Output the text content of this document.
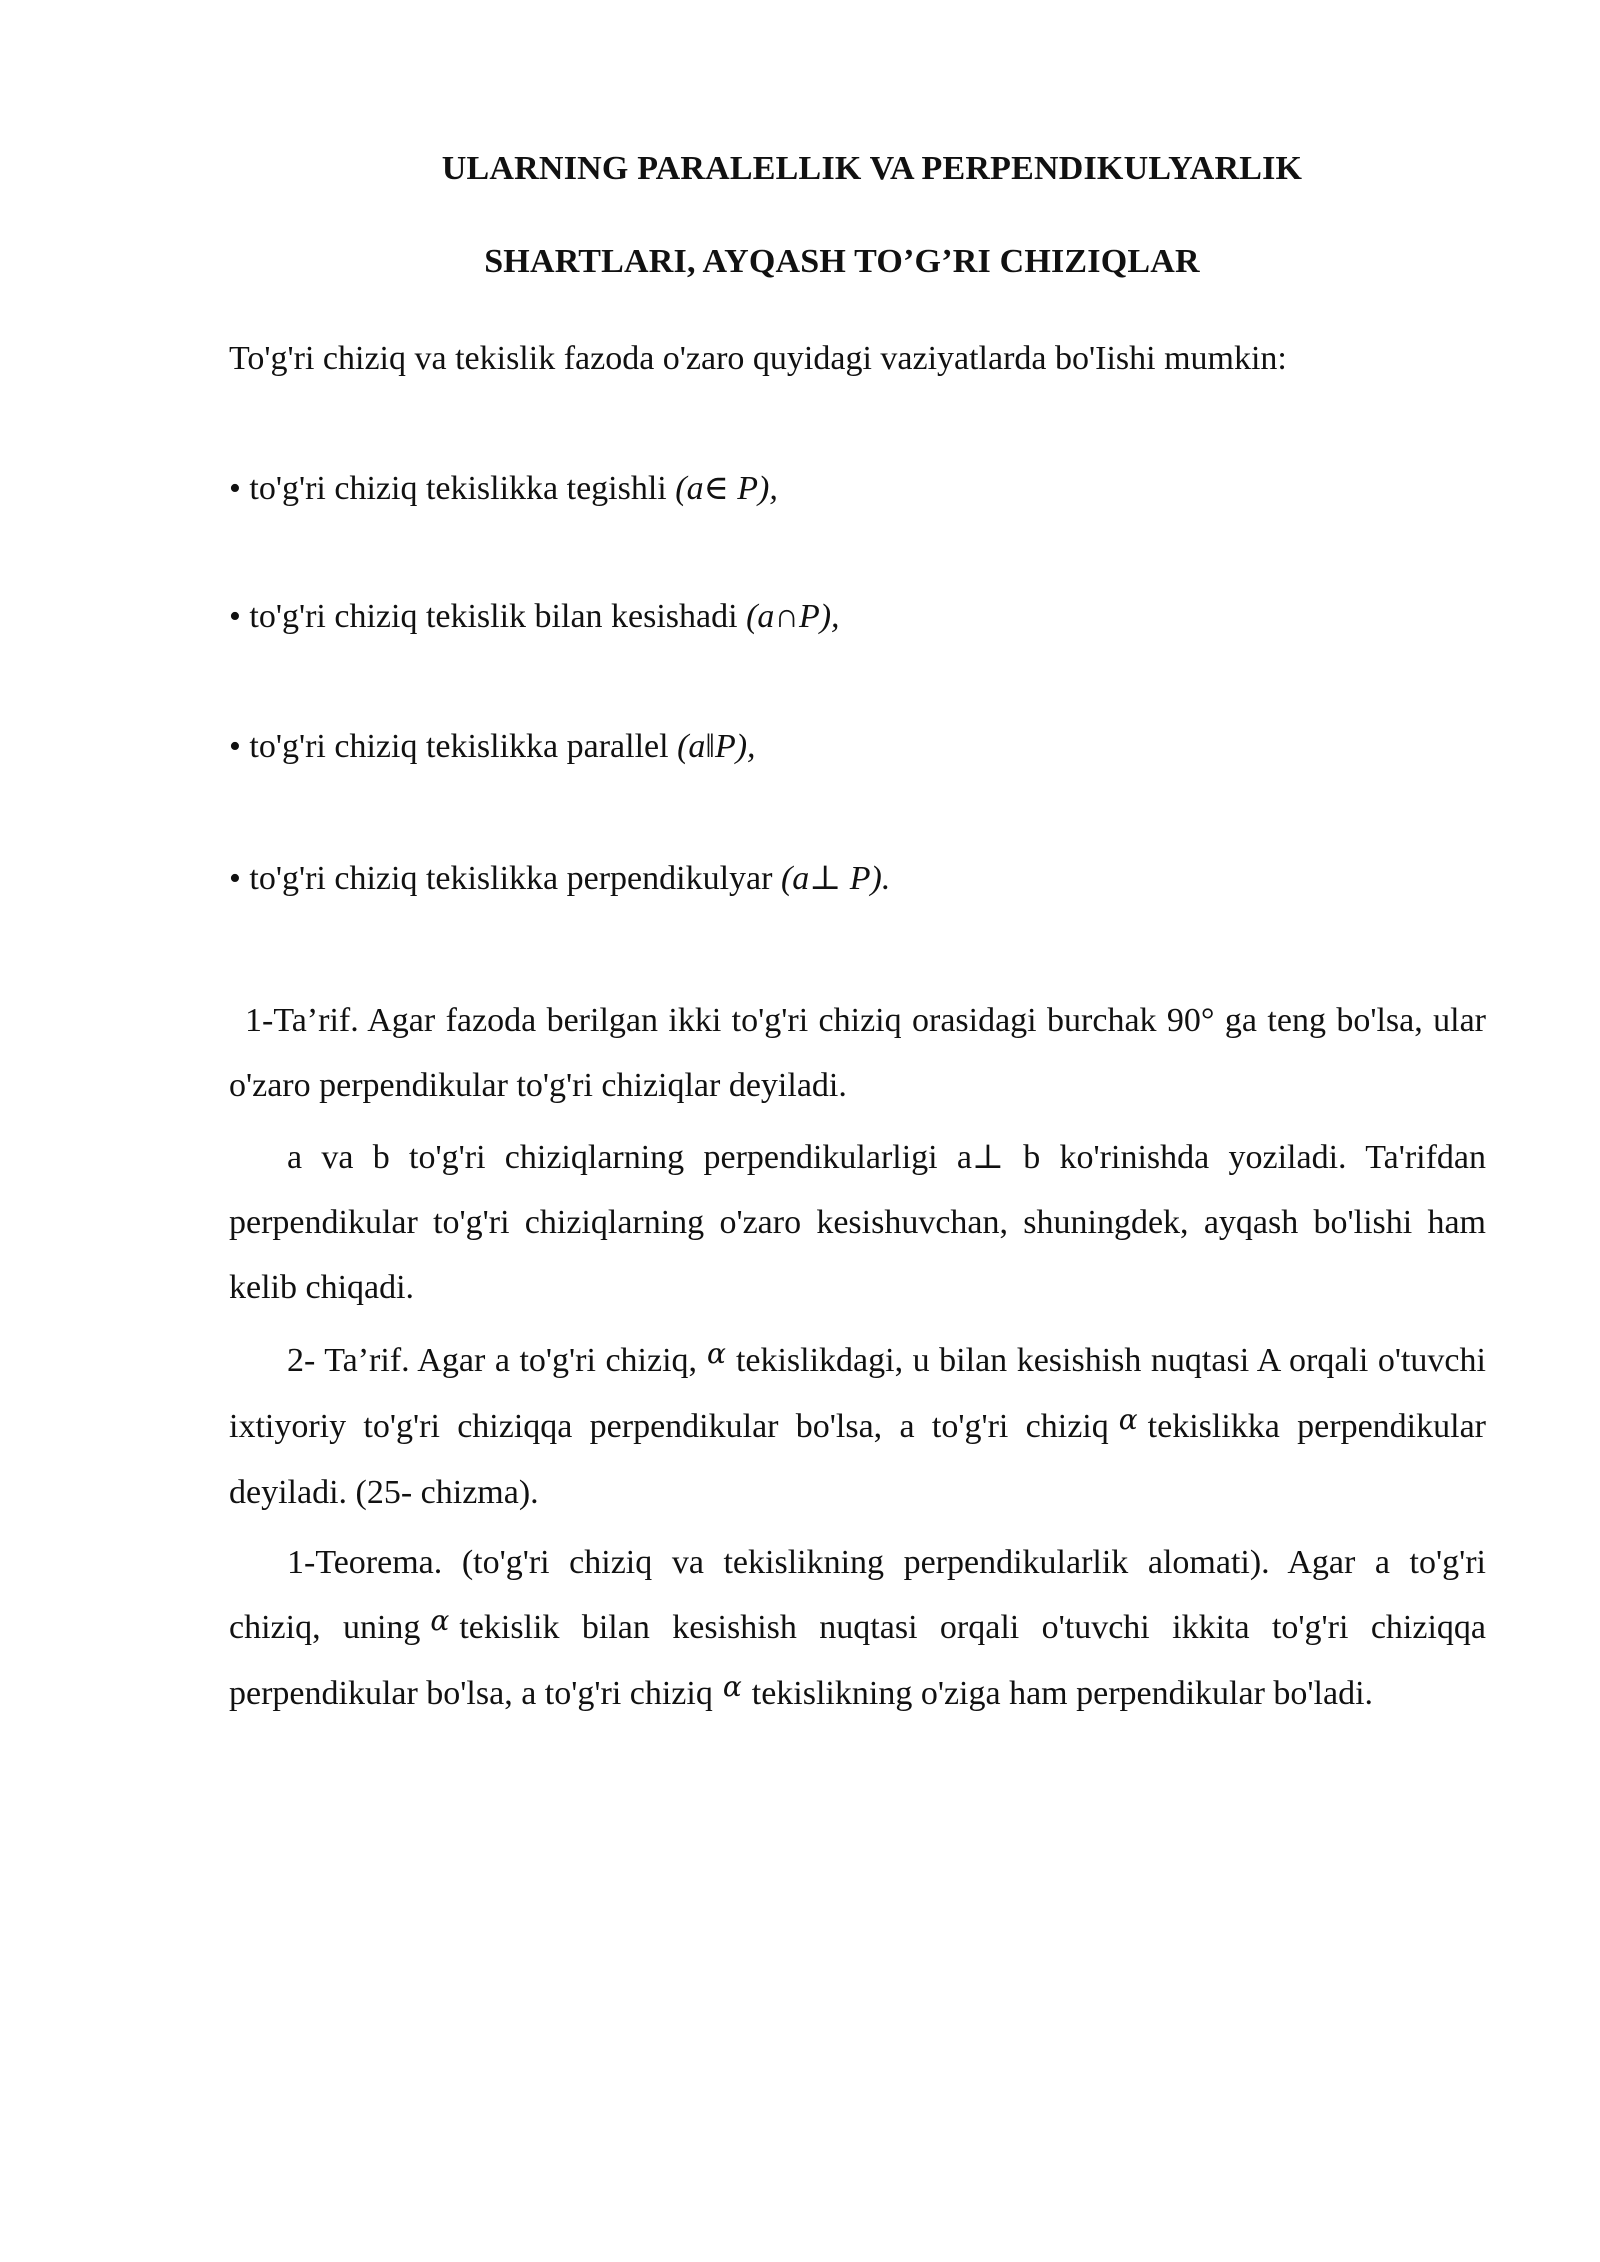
ULARNING PARALELLIK VA PERPENDIKULYARLIK
SHARTLARI, AYQASH TO’G’RI CHIZIQLAR
To'g'ri chiziq va tekislik fazoda o'zaro quyidagi vaziyatlarda bo'Iishi mumkin:
• to'g'ri chiziq tekislikka tegishli (a∈ P),
• to'g'ri chiziq tekislik bilan kesishadi (a∩P),
• to'g'ri chiziq tekislikka parallel (a‖P),
• to'g'ri chiziq tekislikka perpendikulyar (a⊥ P).
1-Ta’rif. Agar fazoda berilgan ikki to'g'ri chiziq orasidagi burchak 90° ga teng bo'lsa, ular o'zaro perpendikular to'g'ri chiziqlar deyiladi.
a va b to'g'ri chiziqlarning perpendikularligi a⊥ b ko'rinishda yoziladi. Ta'rifdan perpendikular to'g'ri chiziqlarning o'zaro kesishuvchan, shuningdek, ayqash bo'lishi ham kelib chiqadi.
2- Ta’rif. Agar a to'g'ri chiziq, $^\alpha$ tekislikdagi, u bilan kesishish nuqtasi A orqali o'tuvchi ixtiyoriy to'g'ri chiziqqa perpendikular bo'lsa, a to'g'ri chiziq $^\alpha$ tekislikka perpendikular deyiladi. (25- chizma).
1-Teorema. (to'g'ri chiziq va tekislikning perpendikularlik alomati). Agar a to'g'ri chiziq, uning $^\alpha$ tekislik bilan kesishish nuqtasi orqali o'tuvchi ikkita to'g'ri chiziqqa perpendikular bo'lsa, a to'g'ri chiziq $^\alpha$ tekislikning o'ziga ham perpendikular bo'ladi.
